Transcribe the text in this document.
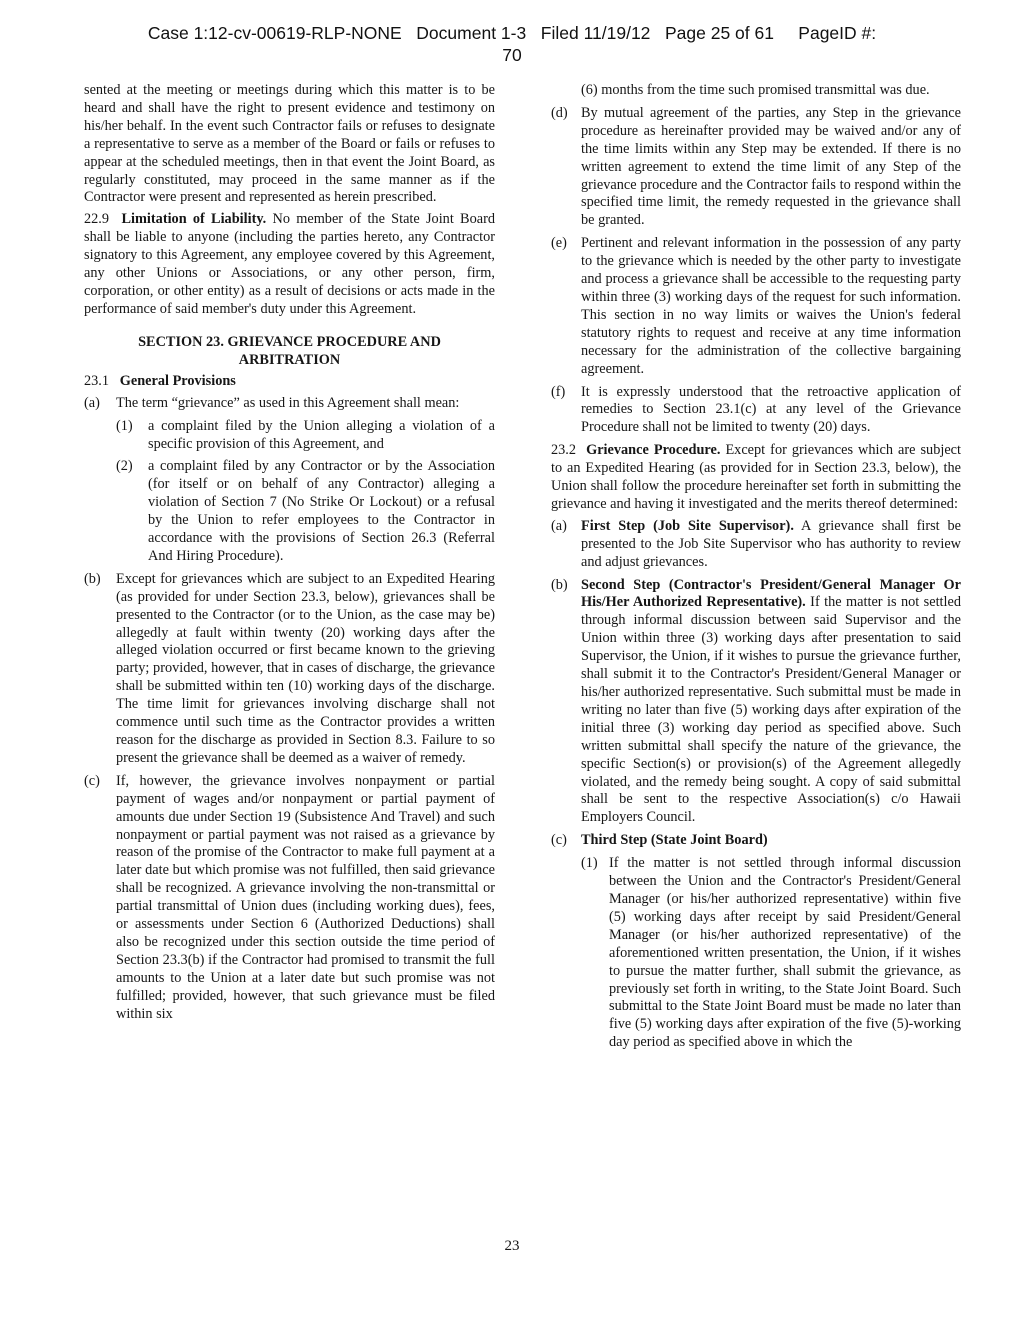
Case 1:12-cv-00619-RLP-NONE   Document 1-3   Filed 11/19/12   Page 25 of 61     PageID #:
70

sented at the meeting or meetings during which this matter is to be heard and shall have the right to present evidence and testimony on his/her behalf. In the event such Contractor fails or refuses to designate a representative to serve as a member of the Board or fails or refuses to appear at the scheduled meetings, then in that event the Joint Board, as regularly constituted, may proceed in the same manner as if the Contractor were present and represented as herein prescribed.

22.9 Limitation of Liability. No member of the State Joint Board shall be liable to anyone (including the parties hereto, any Contractor signatory to this Agreement, any employee covered by this Agreement, any other Unions or Associations, or any other person, firm, corporation, or other entity) as a result of decisions or acts made in the performance of said member's duty under this Agreement.

SECTION 23. GRIEVANCE PROCEDURE AND
ARBITRATION

23.1 General Provisions

(a)	The term “grievance” as used in this Agreement shall mean:
(1)	a complaint filed by the Union alleging a violation of a specific provision of this Agreement, and
(2)	a complaint filed by any Contractor or by the Association (for itself or on behalf of any Contractor) alleging a violation of Section 7 (No Strike Or Lockout) or a refusal by the Union to refer employees to the Contractor in accordance with the provisions of Section 26.3 (Referral And Hiring Procedure).
(b)	Except for grievances which are subject to an Expedited Hearing (as provided for under Section 23.3, below), grievances shall be presented to the Contractor (or to the Union, as the case may be) allegedly at fault within twenty (20) working days after the alleged violation occurred or first became known to the grieving party; provided, however, that in cases of discharge, the grievance shall be submitted within ten (10) working days of the discharge. The time limit for grievances involving discharge shall not commence until such time as the Contractor provides a written reason for the discharge as provided in Section 8.3. Failure to so present the grievance shall be deemed as a waiver of remedy.
(c)	If, however, the grievance involves nonpayment or partial payment of wages and/or nonpayment or partial payment of amounts due under Section 19 (Subsistence And Travel) and such nonpayment or partial payment was not raised as a grievance by reason of the promise of the Contractor to make full payment at a later date but which promise was not fulfilled, then said grievance shall be recognized. A grievance involving the non-transmittal or partial transmittal of Union dues (including working dues), fees, or assessments under Section 6 (Authorized Deductions) shall also be recognized under this section outside the time period of Section 23.3(b) if the Contractor had promised to transmit the full amounts to the Union at a later date but such promise was not fulfilled; provided, however, that such grievance must be filed within six
(6) months from the time such promised transmittal was due.
(d) By mutual agreement of the parties, any Step in the grievance procedure as hereinafter provided may be waived and/or any of the time limits within any Step may be extended. If there is no written agreement to extend the time limit of any Step of the grievance procedure and the Contractor fails to respond within the specified time limit, the remedy requested in the grievance shall be granted.
(e) Pertinent and relevant information in the possession of any party to the grievance which is needed by the other party to investigate and process a grievance shall be accessible to the requesting party within three (3) working days of the request for such information. This section in no way limits or waives the Union's federal statutory rights to request and receive at any time information necessary for the administration of the collective bargaining agreement.
(f)	It is expressly understood that the retroactive application of remedies to Section 23.1(c) at any level of the Grievance Procedure shall not be limited to twenty (20) days.

23.2 Grievance Procedure. Except for grievances which are subject to an Expedited Hearing (as provided for in Section 23.3, below), the Union shall follow the procedure hereinafter set forth in submitting the grievance and having it investigated and the merits thereof determined:

(a) First Step (Job Site Supervisor). A grievance shall first be presented to the Job Site Supervisor who has authority to review and adjust grievances.
(b) Second Step (Contractor's President/General Manager Or His/Her Authorized Representative). If the matter is not settled through informal discussion between said Supervisor and the Union within three (3) working days after presentation to said Supervisor, the Union, if it wishes to pursue the grievance further, shall submit it to the Contractor's President/General Manager or his/her authorized representative. Such submittal must be made in writing no later than five (5) working days after expiration of the initial three (3) working day period as specified above. Such written submittal shall specify the nature of the grievance, the specific Section(s) or provision(s) of the Agreement allegedly violated, and the remedy being sought. A copy of said submittal shall be sent to the respective Association(s) c/o Hawaii Employers Council.
(c) Third Step (State Joint Board)
(1) If the matter is not settled through informal discussion between the Union and the Contractor's President/General Manager (or his/her authorized representative) within five (5) working days after receipt by said President/General Manager (or his/her authorized representative) of the aforementioned written presentation, the Union, if it wishes to pursue the matter further, shall submit the grievance, as previously set forth in writing, to the State Joint Board. Such submittal to the State Joint Board must be made no later than five (5) working days after expiration of the five (5)-working day period as specified above in which the
23
